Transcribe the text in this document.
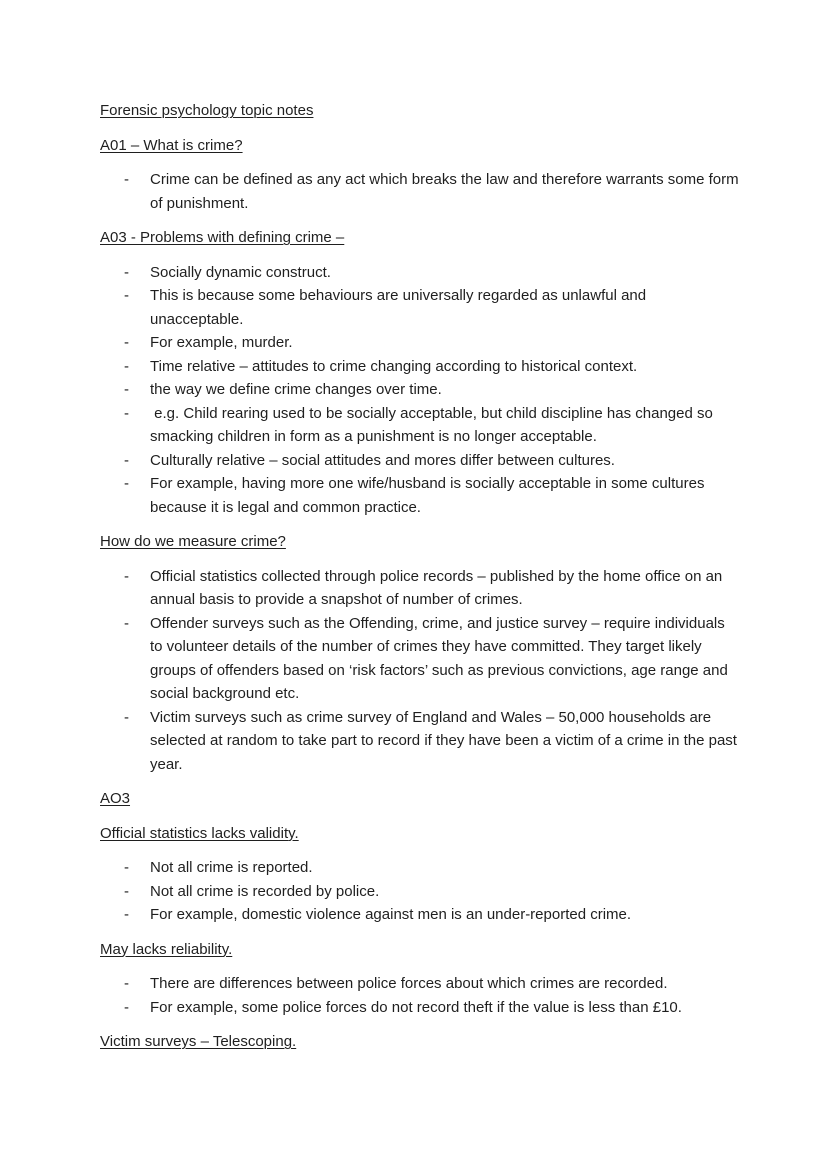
Forensic psychology topic notes

A01 – What is crime?

- Crime can be defined as any act which breaks the law and therefore warrants some form of punishment.

A03 - Problems with defining crime –

- Socially dynamic construct.
- This is because some behaviours are universally regarded as unlawful and unacceptable.
- For example, murder.
- Time relative – attitudes to crime changing according to historical context.
- the way we define crime changes over time.
- e.g. Child rearing used to be socially acceptable, but child discipline has changed so smacking children in form as a punishment is no longer acceptable.
- Culturally relative – social attitudes and mores differ between cultures.
- For example, having more one wife/husband is socially acceptable in some cultures because it is legal and common practice.

How do we measure crime?

- Official statistics collected through police records – published by the home office on an annual basis to provide a snapshot of number of crimes.
- Offender surveys such as the Offending, crime, and justice survey – require individuals to volunteer details of the number of crimes they have committed. They target likely groups of offenders based on ‘risk factors’ such as previous convictions, age range and social background etc.
- Victim surveys such as crime survey of England and Wales – 50,000 households are selected at random to take part to record if they have been a victim of a crime in the past year.

AO3

Official statistics lacks validity.

- Not all crime is reported.
- Not all crime is recorded by police.
- For example, domestic violence against men is an under-reported crime.

May lacks reliability.

- There are differences between police forces about which crimes are recorded.
- For example, some police forces do not record theft if the value is less than £10.

Victim surveys – Telescoping.
